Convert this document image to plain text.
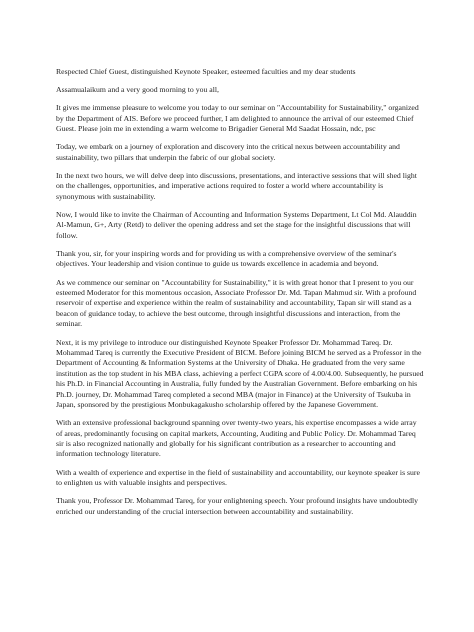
Respected Chief Guest, distinguished Keynote Speaker, esteemed faculties and my dear students

Assamualaikum and a very good morning to you all,

It gives me immense pleasure to welcome you today to our seminar on "Accountability for Sustainability," organized by the Department of AIS. Before we proceed further, I am delighted to announce the arrival of our esteemed Chief Guest. Please join me in extending a warm welcome to Brigadier General Md Saadat Hossain, ndc, psc

Today, we embark on a journey of exploration and discovery into the critical nexus between accountability and sustainability, two pillars that underpin the fabric of our global society.

In the next two hours, we will delve deep into discussions, presentations, and interactive sessions that will shed light on the challenges, opportunities, and imperative actions required to foster a world where accountability is synonymous with sustainability.

Now, I would like to invite the Chairman of Accounting and Information Systems Department, Lt Col Md. Alauddin Al-Mamun, G+, Arty (Retd) to deliver the opening address and set the stage for the insightful discussions that will follow.

Thank you, sir, for your inspiring words and for providing us with a comprehensive overview of the seminar's objectives. Your leadership and vision continue to guide us towards excellence in academia and beyond.

As we commence our seminar on "Accountability for Sustainability," it is with great honor that I present to you our esteemed Moderator for this momentous occasion, Associate Professor Dr. Md. Tapan Mahmud sir. With a profound reservoir of expertise and experience within the realm of sustainability and accountability, Tapan sir will stand as a beacon of guidance today, to achieve the best outcome, through insightful discussions and interaction, from the seminar.

Next, it is my privilege to introduce our distinguished Keynote Speaker Professor Dr. Mohammad Tareq. Dr. Mohammad Tareq is currently the Executive President of BICM. Before joining BICM he served as a Professor in the Department of Accounting & Information Systems at the University of Dhaka. He graduated from the very same institution as the top student in his MBA class, achieving a perfect CGPA score of 4.00/4.00. Subsequently, he pursued his Ph.D. in Financial Accounting in Australia, fully funded by the Australian Government. Before embarking on his Ph.D. journey, Dr. Mohammad Tareq completed a second MBA (major in Finance) at the University of Tsukuba in Japan, sponsored by the prestigious Monbukagakusho scholarship offered by the Japanese Government.

With an extensive professional background spanning over twenty-two years, his expertise encompasses a wide array of areas, predominantly focusing on capital markets, Accounting, Auditing and Public Policy. Dr. Mohammad Tareq sir is also recognized nationally and globally for his significant contribution as a researcher to accounting and information technology literature.

With a wealth of experience and expertise in the field of sustainability and accountability, our keynote speaker is sure to enlighten us with valuable insights and perspectives.

Thank you, Professor Dr. Mohammad Tareq, for your enlightening speech. Your profound insights have undoubtedly enriched our understanding of the crucial intersection between accountability and sustainability.
